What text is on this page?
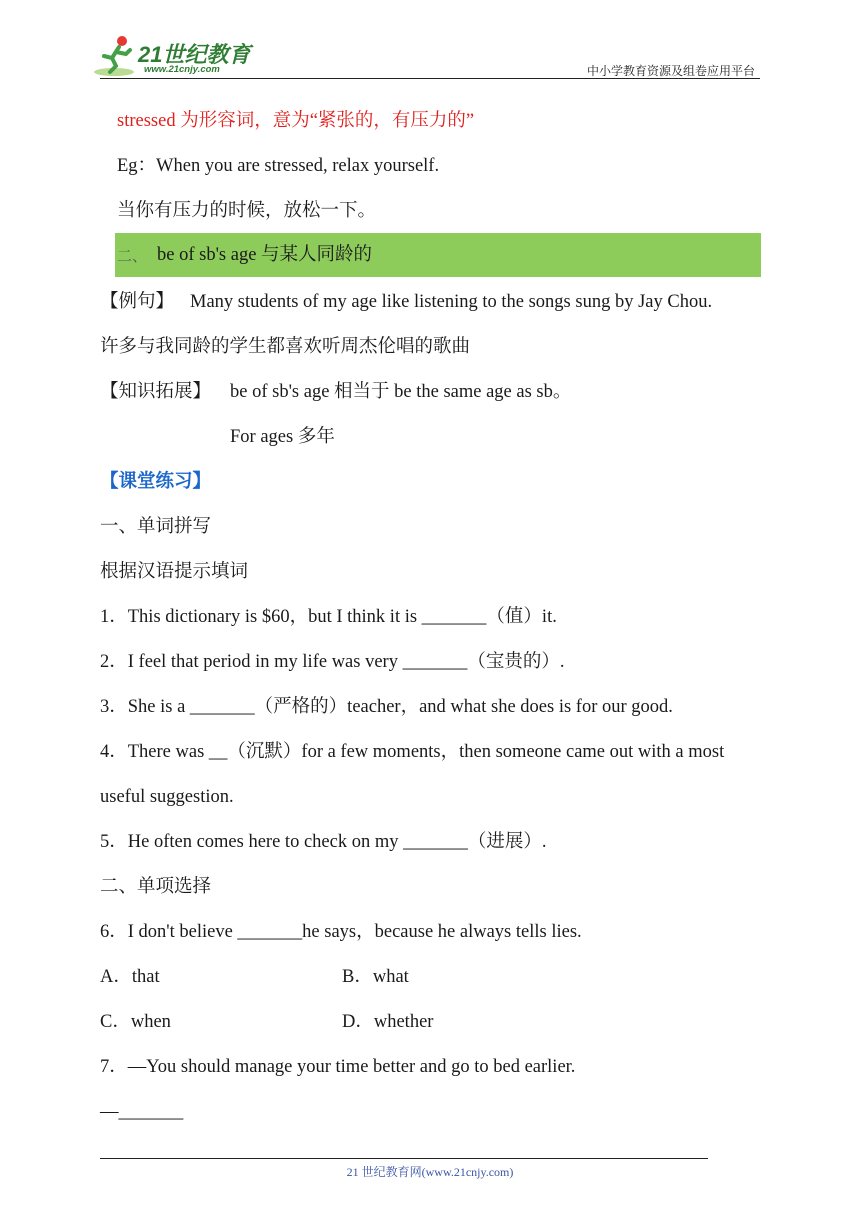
21世纪教育
www.21cnjy.com	中小学教育资源及组卷应用平台
stressed 为形容词，意为“紧张的，有压力的”
Eg：When you are stressed, relax yourself.
当你有压力的时候，放松一下。
二、 be of sb's age 与某人同龄的
【例句】 Many students of my age like listening to the songs sung by Jay Chou.
许多与我同龄的学生都喜欢听周杰伦唱的歌曲
【知识拓展】 be of sb's age 相当于 be the same age as sb。
For ages 多年
【课堂练习】
一、单词拼写
根据汉语提示填词
1．This dictionary is $60，but I think it is _______（值）it.
2．I feel that period in my life was very _______（宝贵的）.
3．She is a _______（严格的）teacher，and what she does is for our good.
4．There was __（沉默）for a few moments，then someone came out with a most
useful suggestion.
5．He often comes here to check on my _______（进展）.
二、单项选择
6．I don't believe _______he says，because he always tells lies.
A．that	B．what
C．when	D．whether
7．—You should manage your time better and go to bed earlier.
—_______
21 世纪教育网(www.21cnjy.com)
